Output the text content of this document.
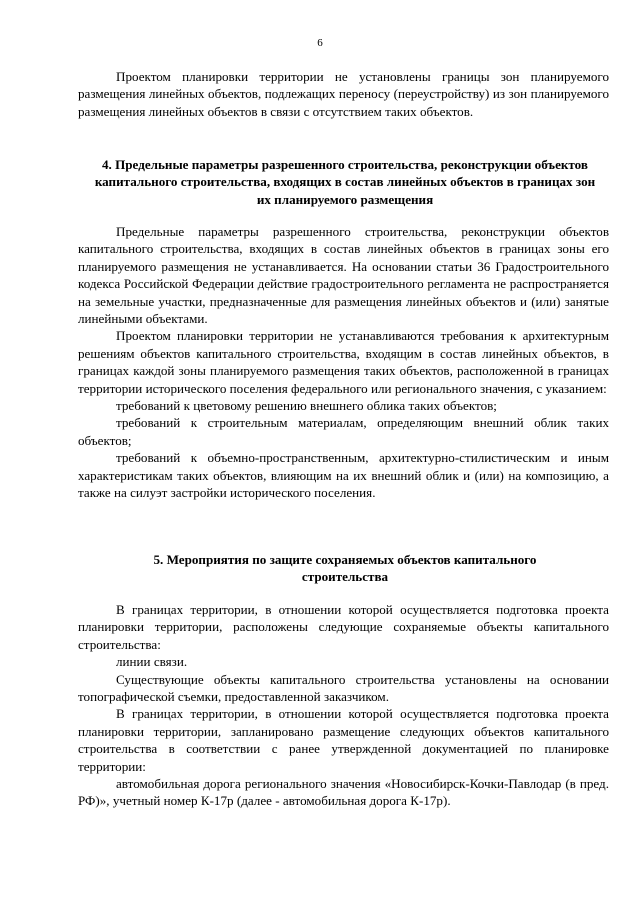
6

Проектом планировки территории не установлены границы зон планируемого размещения линейных объектов, подлежащих переносу (переустройству) из зон планируемого размещения линейных объектов в связи с отсутствием таких объектов.

4. Предельные параметры разрешенного строительства, реконструкции объектов капитального строительства, входящих в состав линейных объектов в границах зон их планируемого размещения

Предельные параметры разрешенного строительства, реконструкции объектов капитального строительства, входящих в состав линейных объектов в границах зоны его планируемого размещения не устанавливается. На основании статьи 36 Градостроительного кодекса Российской Федерации действие градостроительного регламента не распространяется на земельные участки, предназначенные для размещения линейных объектов и (или) занятые линейными объектами.

Проектом планировки территории не устанавливаются требования к архитектурным решениям объектов капитального строительства, входящим в состав линейных объектов, в границах каждой зоны планируемого размещения таких объектов, расположенной в границах территории исторического поселения федерального или регионального значения, с указанием:

требований к цветовому решению внешнего облика таких объектов;

требований к строительным материалам, определяющим внешний облик таких объектов;

требований к объемно-пространственным, архитектурно-стилистическим и иным характеристикам таких объектов, влияющим на их внешний облик и (или) на композицию, а также на силуэт застройки исторического поселения.

5. Мероприятия по защите сохраняемых объектов капитального строительства

В границах территории, в отношении которой осуществляется подготовка проекта планировки территории, расположены следующие сохраняемые объекты капитального строительства:

линии связи.

Существующие объекты капитального строительства установлены на основании топографической съемки, предоставленной заказчиком.

В границах территории, в отношении которой осуществляется подготовка проекта планировки территории, запланировано размещение следующих объектов капитального строительства в соответствии с ранее утвержденной документацией по планировке территории:

автомобильная дорога регионального значения «Новосибирск-Кочки-Павлодар (в пред. РФ)», учетный номер К-17р (далее - автомобильная дорога К-17р).
